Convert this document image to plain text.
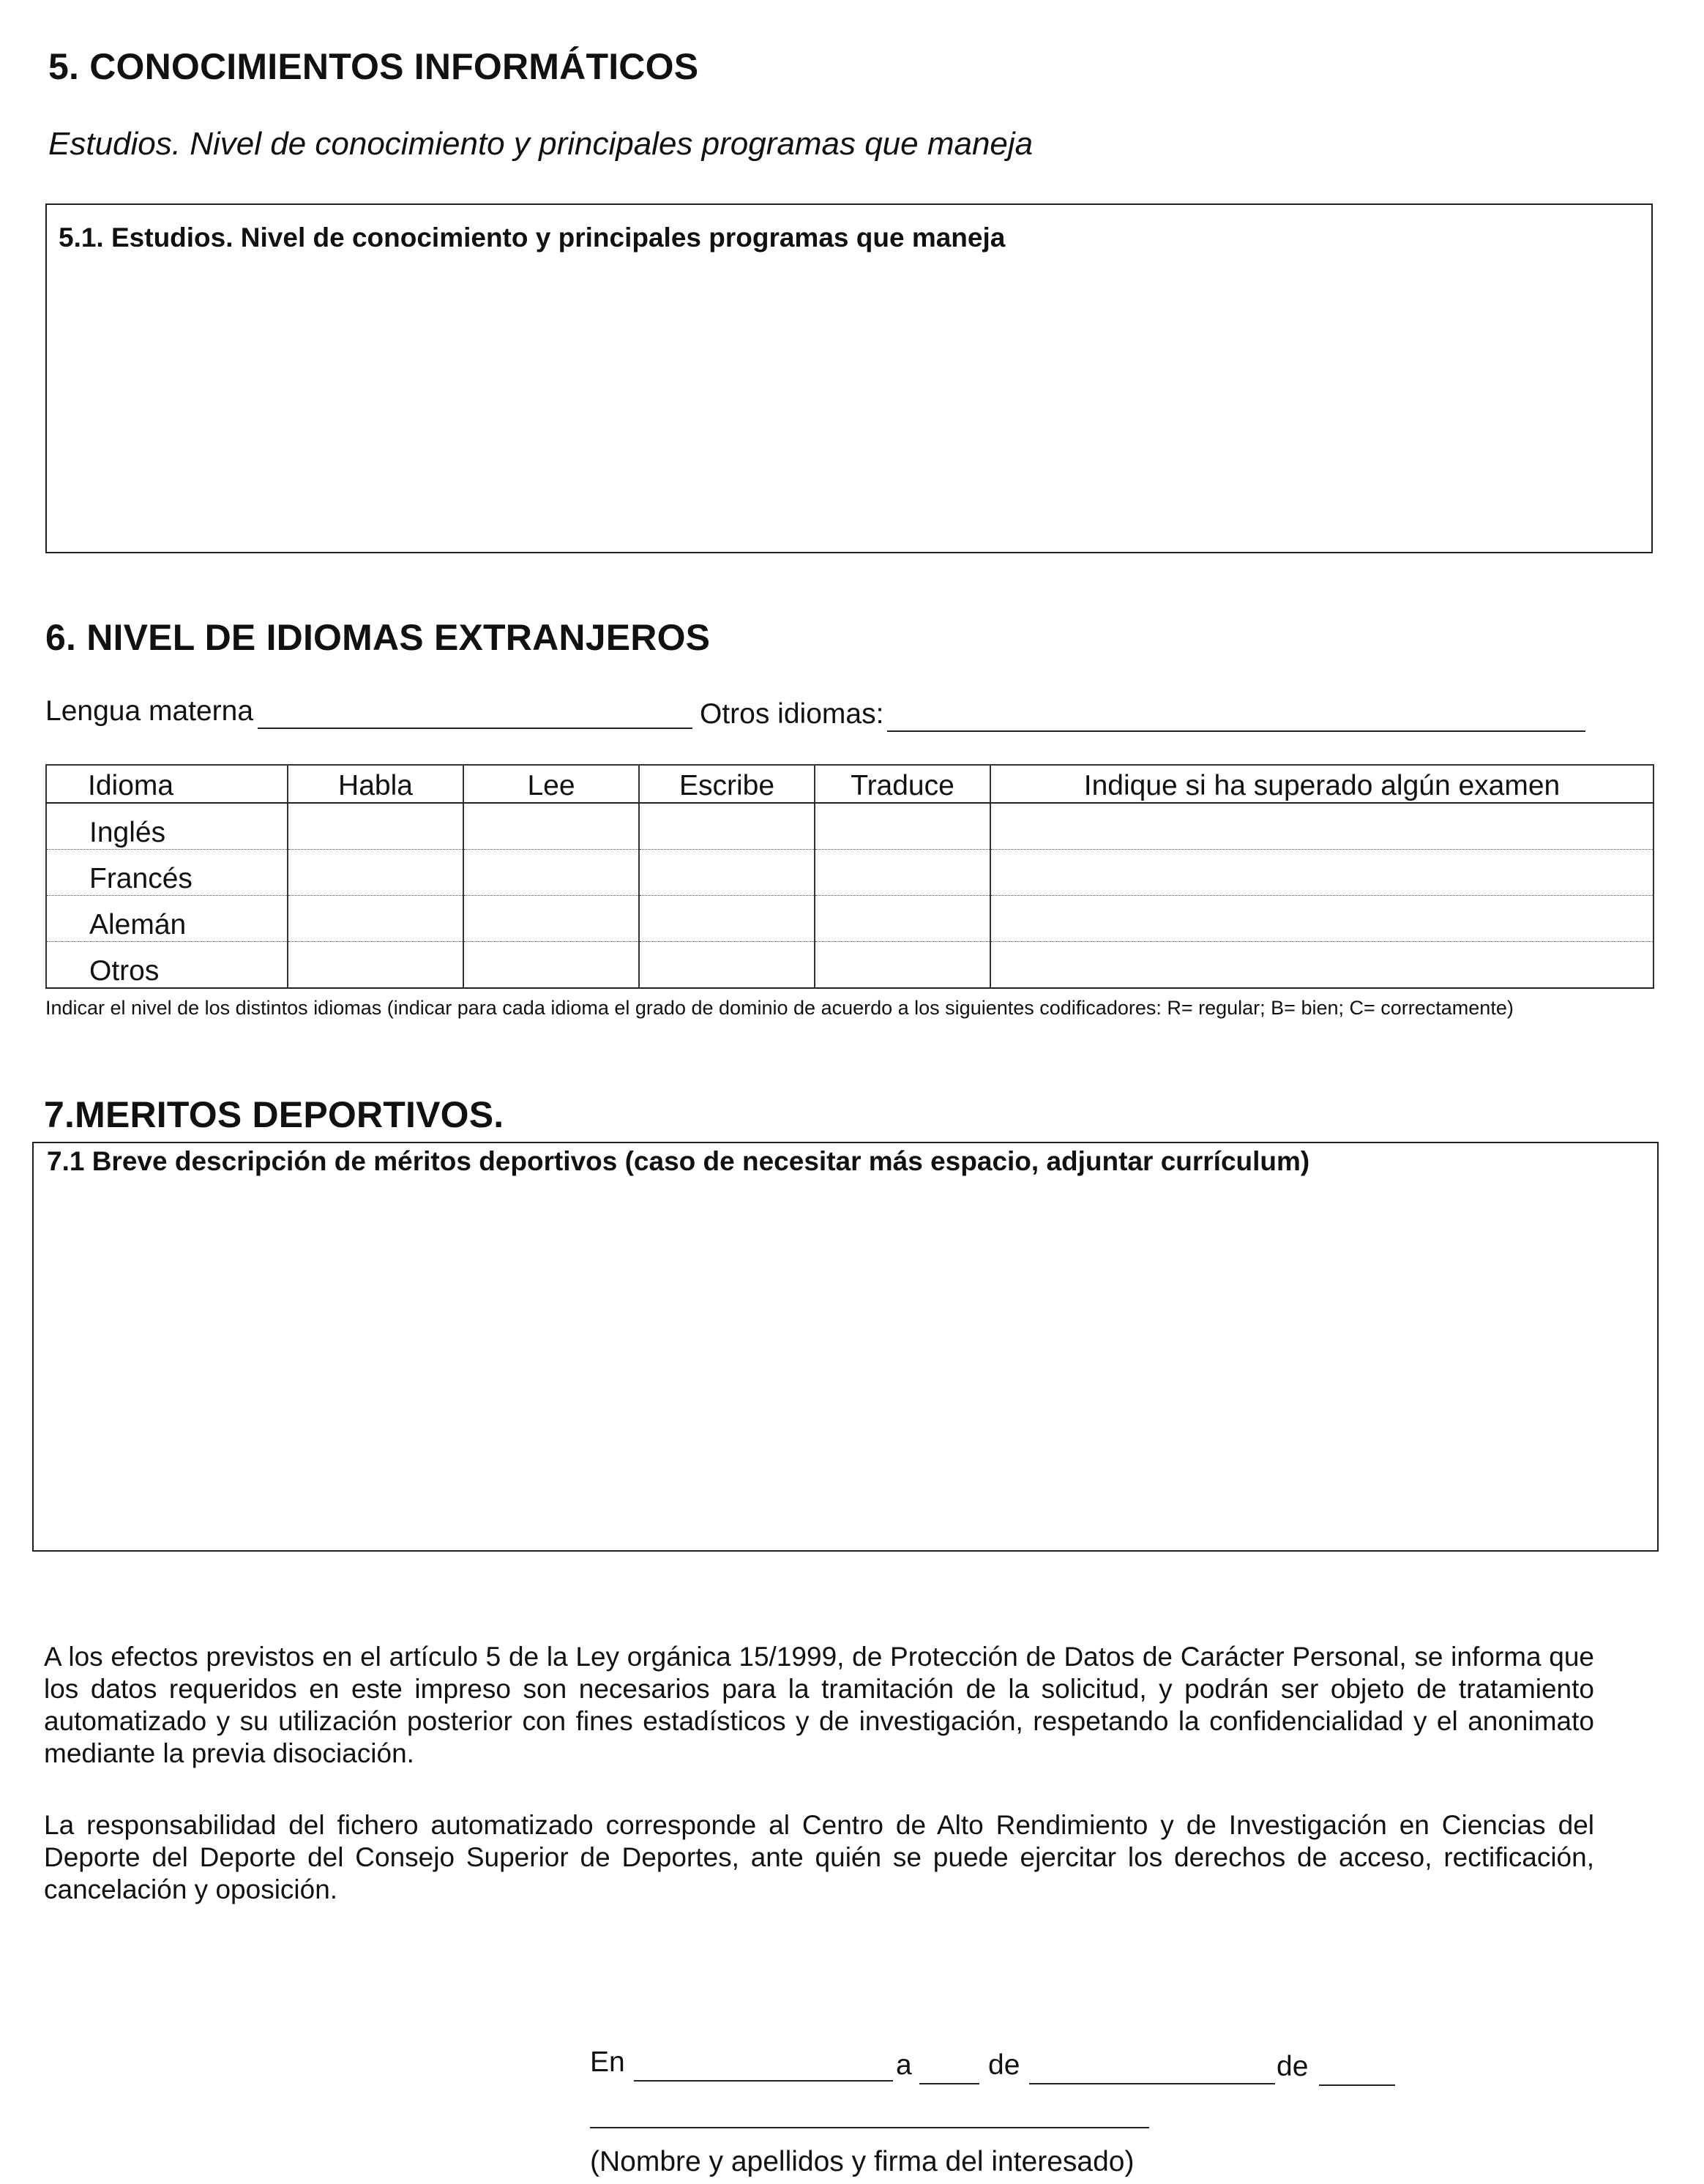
5. CONOCIMIENTOS INFORMÁTICOS
Estudios. Nivel de conocimiento y principales programas que maneja
5.1. Estudios. Nivel de conocimiento y principales programas que maneja
6. NIVEL DE IDIOMAS EXTRANJEROS
Lengua materna	Otros idiomas:
Idioma	Habla	Lee	Escribe	Traduce	Indique si ha superado algún examen
Inglés					
Francés					
Alemán					
Otros					
Indicar el nivel de los distintos idiomas (indicar para cada idioma el grado de dominio de acuerdo a los siguientes codificadores: R= regular; B= bien; C= correctamente)
7.MERITOS DEPORTIVOS.
7.1 Breve descripción de méritos deportivos (caso de necesitar más espacio, adjuntar currículum)
A los efectos previstos en el artículo 5 de la Ley orgánica 15/1999, de Protección de Datos de Carácter Personal, se informa que los datos requeridos en este impreso son necesarios para la tramitación de la solicitud, y podrán ser objeto de tratamiento automatizado y su utilización posterior con fines estadísticos y de investigación, respetando la confidencialidad y el anonimato mediante la previa disociación.
La responsabilidad del fichero automatizado corresponde al Centro de Alto Rendimiento y de Investigación en Ciencias del Deporte del Deporte del Consejo Superior de Deportes, ante quién se puede ejercitar los derechos de acceso, rectificación, cancelación y oposición.
En	a	de	de
(Nombre y apellidos y firma del interesado)
